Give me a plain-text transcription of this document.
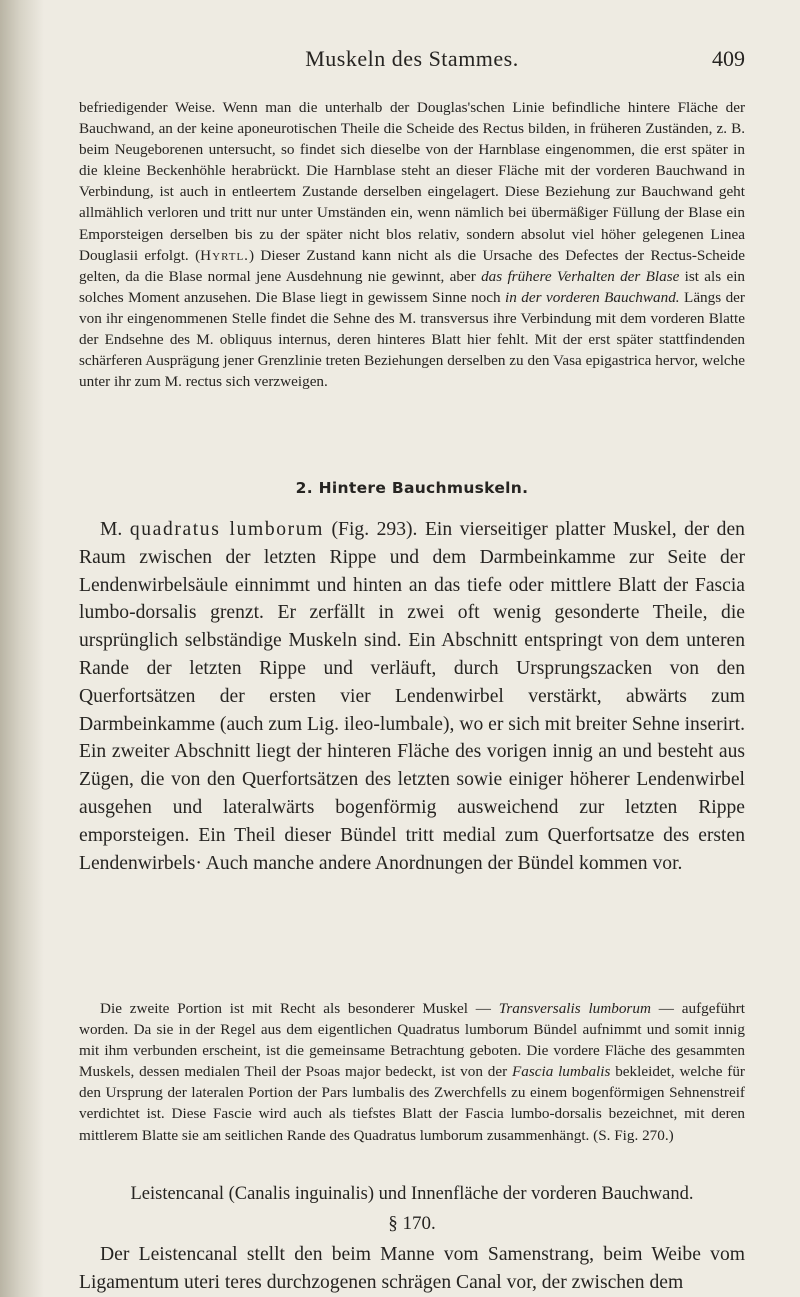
Muskeln des Stammes.	409
befriedigender Weise. Wenn man die unterhalb der Douglas'schen Linie befindliche hintere Fläche der Bauchwand, an der keine aponeurotischen Theile die Scheide des Rectus bilden, in früheren Zuständen, z. B. beim Neugeborenen untersucht, so findet sich dieselbe von der Harnblase eingenommen, die erst später in die kleine Beckenhöhle herabrückt. Die Harnblase steht an dieser Fläche mit der vorderen Bauchwand in Verbindung, ist auch in entleertem Zustande derselben eingelagert. Diese Beziehung zur Bauchwand geht allmählich verloren und tritt nur unter Umständen ein, wenn nämlich bei übermäßiger Füllung der Blase ein Emporsteigen derselben bis zu der später nicht blos relativ, sondern absolut viel höher gelegenen Linea Douglasii erfolgt. (Hyrtl.) Dieser Zustand kann nicht als die Ursache des Defectes der Rectus-Scheide gelten, da die Blase normal jene Ausdehnung nie gewinnt, aber das frühere Verhalten der Blase ist als ein solches Moment anzusehen. Die Blase liegt in gewissem Sinne noch in der vorderen Bauchwand. Längs der von ihr eingenommenen Stelle findet die Sehne des M. transversus ihre Verbindung mit dem vorderen Blatte der Endsehne des M. obliquus internus, deren hinteres Blatt hier fehlt. Mit der erst später stattfindenden schärferen Ausprägung jener Grenzlinie treten Beziehungen derselben zu den Vasa epigastrica hervor, welche unter ihr zum M. rectus sich verzweigen.
2. Hintere Bauchmuskeln.
M. quadratus lumborum (Fig. 293). Ein vierseitiger platter Muskel, der den Raum zwischen der letzten Rippe und dem Darmbeinkamme zur Seite der Lendenwirbelsäule einnimmt und hinten an das tiefe oder mittlere Blatt der Fascia lumbo-dorsalis grenzt. Er zerfällt in zwei oft wenig gesonderte Theile, die ursprünglich selbständige Muskeln sind. Ein Abschnitt entspringt von dem unteren Rande der letzten Rippe und verläuft, durch Ursprungszacken von den Querfortsätzen der ersten vier Lendenwirbel verstärkt, abwärts zum Darmbeinkamme (auch zum Lig. ileo-lumbale), wo er sich mit breiter Sehne inserirt. Ein zweiter Abschnitt liegt der hinteren Fläche des vorigen innig an und besteht aus Zügen, die von den Querfortsätzen des letzten sowie einiger höherer Lendenwirbel ausgehen und lateralwärts bogenförmig ausweichend zur letzten Rippe emporsteigen. Ein Theil dieser Bündel tritt medial zum Querfortsatze des ersten Lendenwirbels· Auch manche andere Anordnungen der Bündel kommen vor.
Die zweite Portion ist mit Recht als besonderer Muskel — Transversalis lumborum — aufgeführt worden. Da sie in der Regel aus dem eigentlichen Quadratus lumborum Bündel aufnimmt und somit innig mit ihm verbunden erscheint, ist die gemeinsame Betrachtung geboten. Die vordere Fläche des gesammten Muskels, dessen medialen Theil der Psoas major bedeckt, ist von der Fascia lumbalis bekleidet, welche für den Ursprung der lateralen Portion der Pars lumbalis des Zwerchfells zu einem bogenförmigen Sehnenstreif verdichtet ist. Diese Fascie wird auch als tiefstes Blatt der Fascia lumbo-dorsalis bezeichnet, mit deren mittlerem Blatte sie am seitlichen Rande des Quadratus lumborum zusammenhängt. (S. Fig. 270.)
Leistencanal (Canalis inguinalis) und Innenfläche der vorderen Bauchwand.
§ 170.
Der Leistencanal stellt den beim Manne vom Samenstrang, beim Weibe vom Ligamentum uteri teres durchzogenen schrägen Canal vor, der zwischen dem
